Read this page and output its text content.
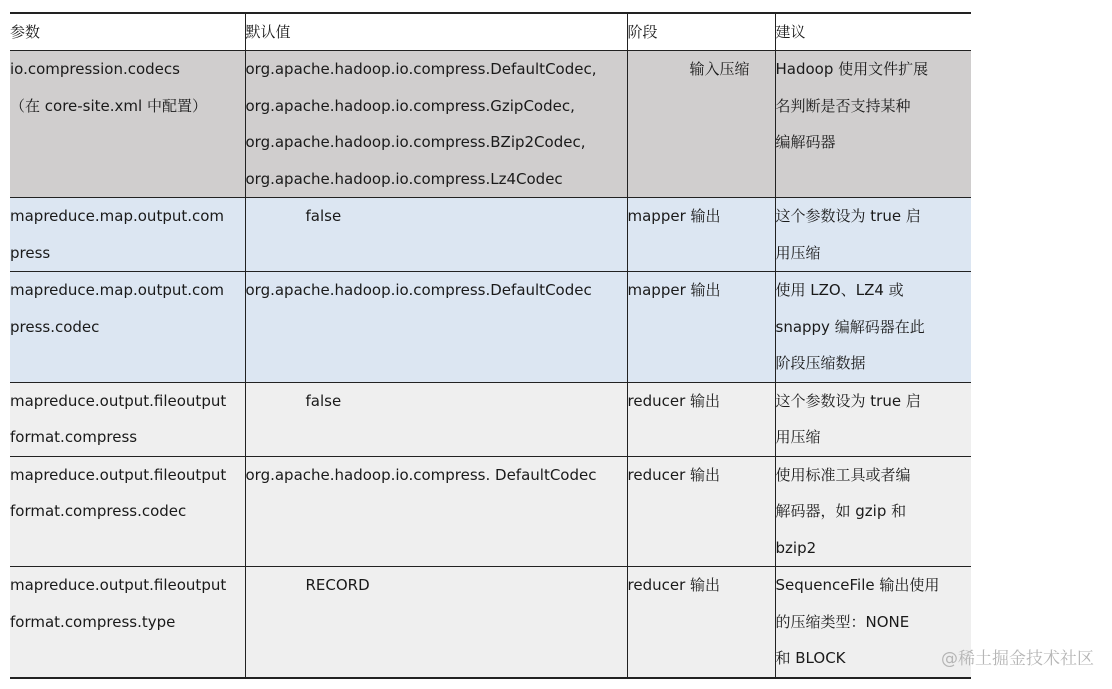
参数	默认值	阶段	建议

io.compression.codecs
（在 core-site.xml 中配置）	org.apache.hadoop.io.compress.DefaultCodec,
org.apache.hadoop.io.compress.GzipCodec,
org.apache.hadoop.io.compress.BZip2Codec,
org.apache.hadoop.io.compress.Lz4Codec	输入压缩	Hadoop 使用文件扩展
名判断是否支持某种
编解码器

mapreduce.map.output.com
press	false	mapper 输出	这个参数设为 true 启
用压缩

mapreduce.map.output.com
press.codec	org.apache.hadoop.io.compress.DefaultCodec	mapper 输出	使用 LZO、LZ4 或
snappy 编解码器在此
阶段压缩数据

mapreduce.output.fileoutput
format.compress	false	reducer 输出	这个参数设为 true 启
用压缩

mapreduce.output.fileoutput
format.compress.codec	org.apache.hadoop.io.compress. DefaultCodec	reducer 输出	使用标准工具或者编
解码器，如 gzip 和
bzip2

mapreduce.output.fileoutput
format.compress.type	RECORD	reducer 输出	SequenceFile 输出使用
的压缩类型：NONE
和 BLOCK	@稀土掘金技术社区
